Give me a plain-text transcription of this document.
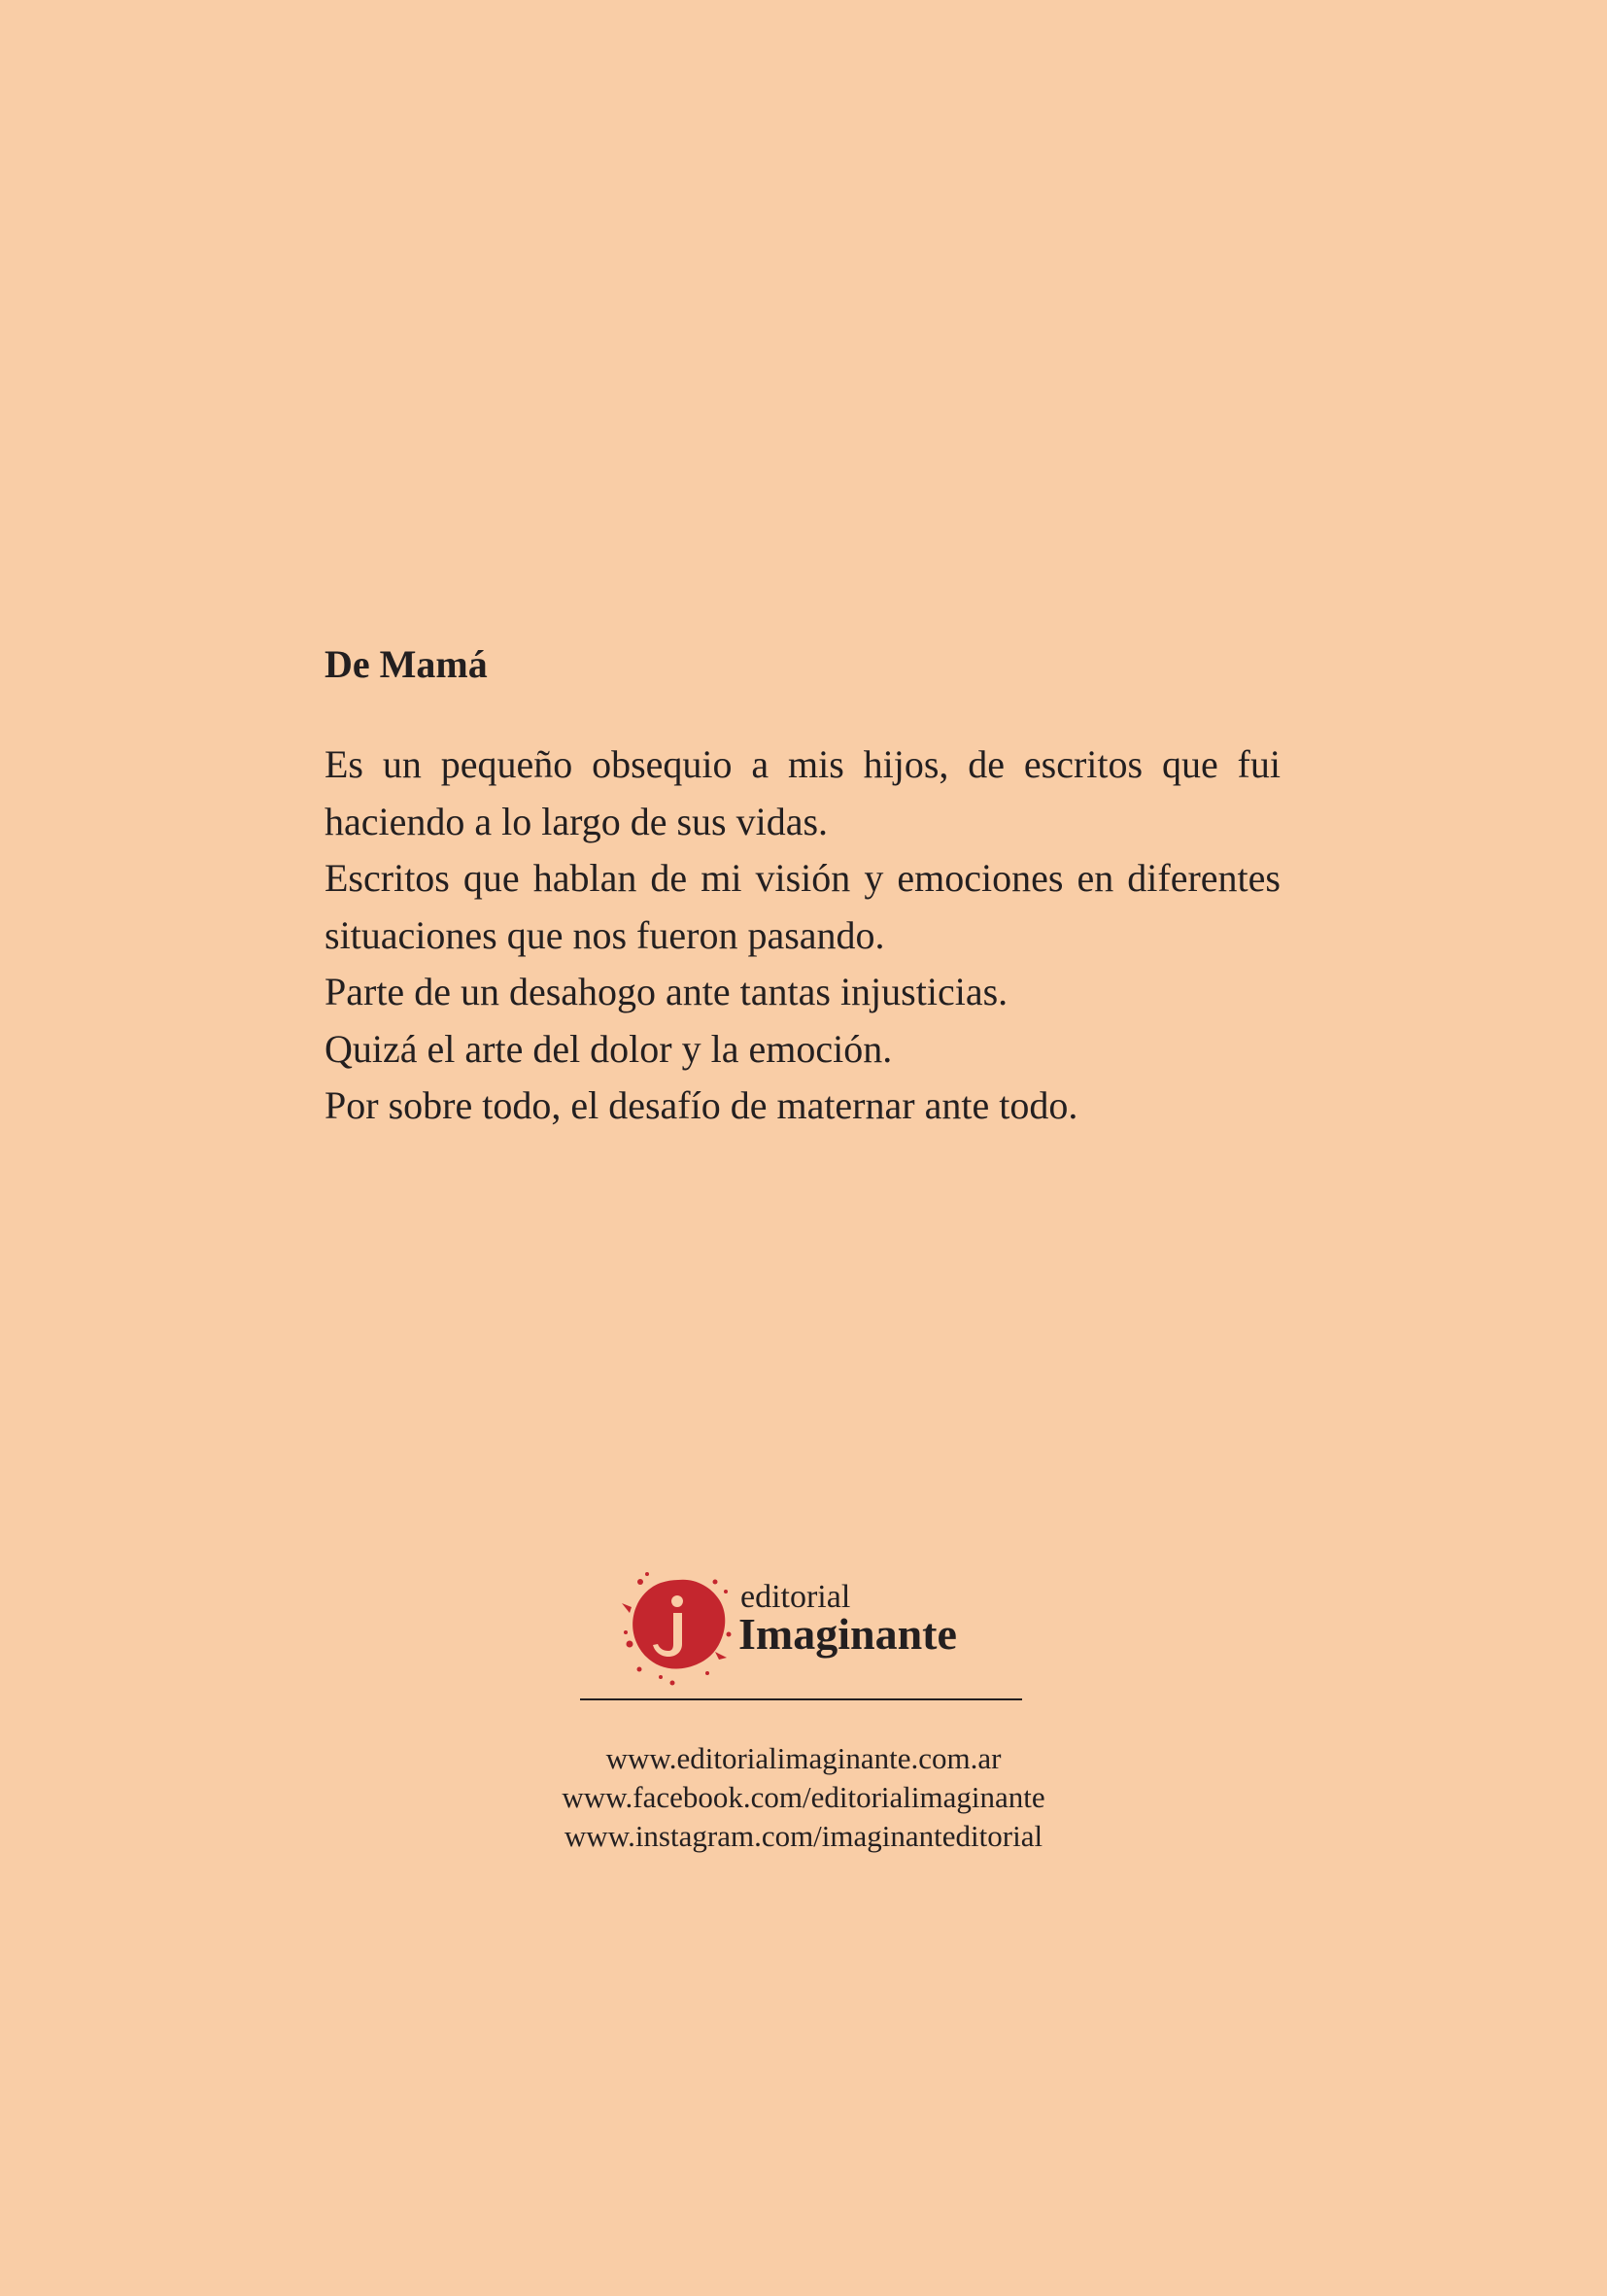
De Mamá

Es un pequeño obsequio a mis hijos, de escritos que fui haciendo a lo largo de sus vidas.

Escritos que hablan de mi visión y emociones en diferentes situaciones que nos fueron pasando.

Parte de un desahogo ante tantas injusticias.

Quizá el arte del dolor y la emoción.

Por sobre todo, el desafío de maternar ante todo.

editorial
Imaginante
www.editorialimaginante.com.ar
www.facebook.com/editorialimaginante
www.instagram.com/imaginanteditorial
